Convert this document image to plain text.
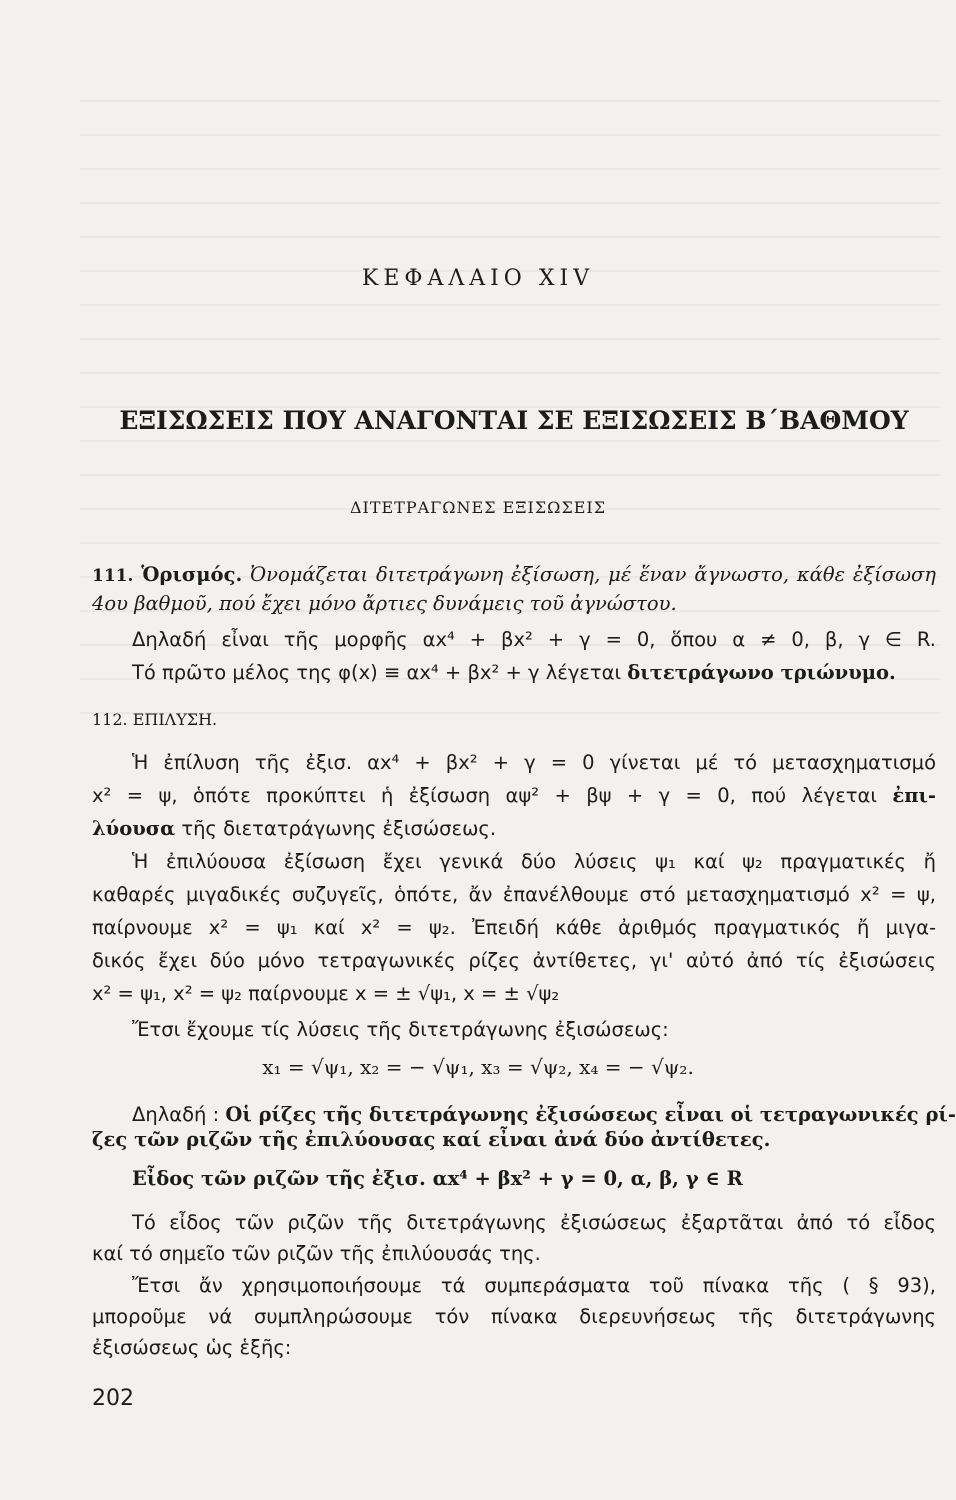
ΚΕΦΑΛΑΙΟ XIV
ΕΞΙΣΩΣΕΙΣ ΠΟΥ ΑΝΑΓΟΝΤΑΙ ΣΕ ΕΞΙΣΩΣΕΙΣ Β΄ΒΑΘΜΟΥ
ΔΙΤΕΤΡΑΓΩΝΕΣ ΕΞΙΣΩΣΕΙΣ
111. Ὁρισμός. Ὀνομάζεται διτετράγωνη ἐξίσωση, μέ ἕναν ἄγνωστο, κάθε ἐξίσωση
4ου βαθμοῦ, πού ἔχει μόνο ἄρτιες δυνάμεις τοῦ ἀγνώστου.
Δηλαδή εἶναι τῆς μορφῆς αx⁴ + βx² + γ = 0, ὅπου α ≠ 0, β, γ ∈ R.
Τό πρῶτο μέλος της φ(x) ≡ αx⁴ + βx² + γ λέγεται διτετράγωνο τριώνυμο.
112. ΕΠΙΛΥΣΗ.
Ἡ ἐπίλυση τῆς ἐξισ. αx⁴ + βx² + γ = 0 γίνεται μέ τό μετασχηματισμό
x² = ψ, ὁπότε προκύπτει ἡ ἐξίσωση αψ² + βψ + γ = 0, πού λέγεται ἐπι-
λύουσα τῆς διετατράγωνης ἐξισώσεως.
Ἡ ἐπιλύουσα ἐξίσωση ἔχει γενικά δύο λύσεις ψ₁ καί ψ₂ πραγματικές ἤ
καθαρές μιγαδικές συζυγεῖς, ὁπότε, ἄν ἐπανέλθουμε στό μετασχηματισμό x² = ψ,
παίρνουμε x² = ψ₁ καί x² = ψ₂. Ἐπειδή κάθε ἀριθμός πραγματικός ἤ μιγα-
δικός ἔχει δύο μόνο τετραγωνικές ρίζες ἀντίθετες, γι' αὐτό ἀπό τίς ἐξισώσεις
x² = ψ₁, x² = ψ₂ παίρνουμε x = ± √ψ₁, x = ± √ψ₂
Ἔτσι ἔχουμε τίς λύσεις τῆς διτετράγωνης ἐξισώσεως:
x₁ = √ψ₁, x₂ = − √ψ₁, x₃ = √ψ₂, x₄ = − √ψ₂.
Δηλαδή : Οἱ ρίζες τῆς διτετράγωνης ἐξισώσεως εἶναι οἱ τετραγωνικές ρί-
ζες τῶν ριζῶν τῆς ἐπιλύουσας καί εἶναι ἀνά δύο ἀντίθετες.
Εἶδος τῶν ριζῶν τῆς ἐξισ. αx⁴ + βx² + γ = 0, α, β, γ ∈ R
Τό εἶδος τῶν ριζῶν τῆς διτετράγωνης ἐξισώσεως ἐξαρτᾶται ἀπό τό εἶδος
καί τό σημεῖο τῶν ριζῶν τῆς ἐπιλύουσάς της.
Ἔτσι ἄν χρησιμοποιήσουμε τά συμπεράσματα τοῦ πίνακα τῆς ( § 93),
μποροῦμε νά συμπληρώσουμε τόν πίνακα διερευνήσεως τῆς διτετράγωνης
ἐξισώσεως ὡς ἑξῆς:
202
